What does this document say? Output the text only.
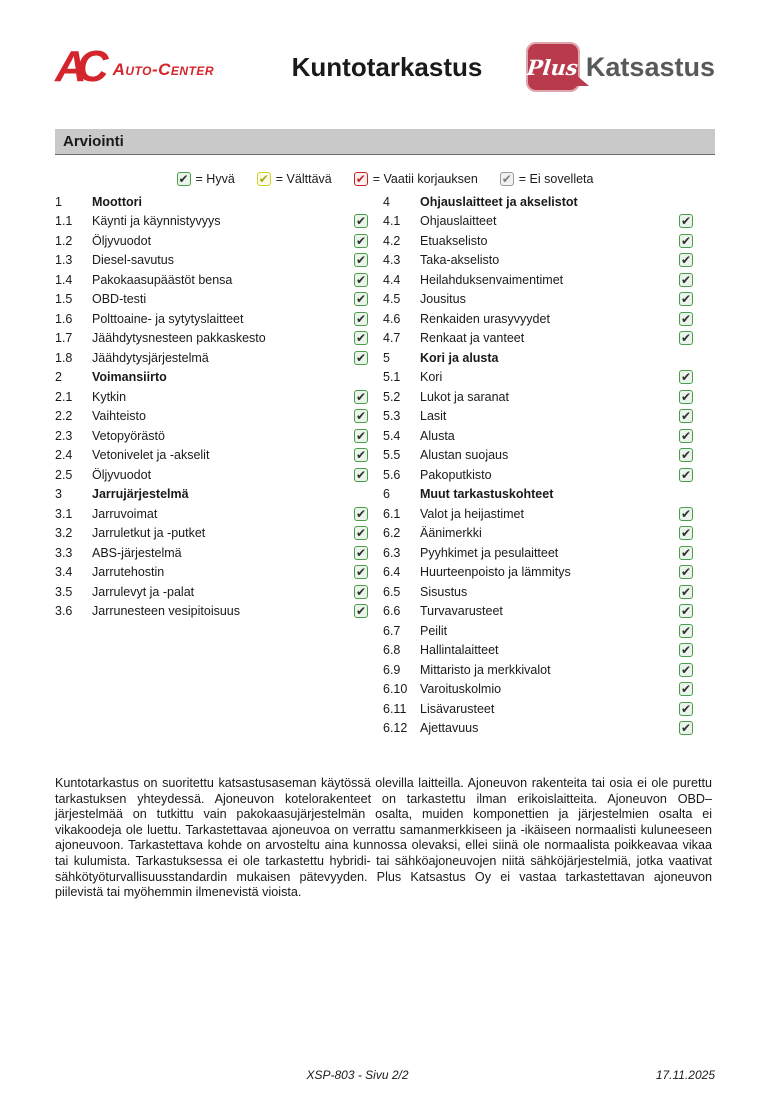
AC Auto-Center	Kuntotarkastus Plus Katsastus
Arviointi
✔ = Hyvä ✔ = Välttävä ✔ = Vaatii korjauksen ✔ = Ei sovelleta
1	Moottori
1.1	Käynti ja käynnistyvyys	✔
1.2	Öljyvuodot	✔
1.3	Diesel-savutus	✔
1.4	Pakokaasupäästöt bensa	✔
1.5	OBD-testi	✔
1.6	Polttoaine- ja sytytyslaitteet	✔
1.7	Jäähdytysnesteen pakkaskesto	✔
1.8	Jäähdytysjärjestelmä	✔
2	Voimansiirto
2.1	Kytkin	✔
2.2	Vaihteisto	✔
2.3	Vetopyörästö	✔
2.4	Vetonivelet ja -akselit	✔
2.5	Öljyvuodot	✔
3	Jarrujärjestelmä
3.1	Jarruvoimat	✔
3.2	Jarruletkut ja -putket	✔
3.3	ABS-järjestelmä	✔
3.4	Jarrutehostin	✔
3.5	Jarrulevyt ja -palat	✔
3.6	Jarrunesteen vesipitoisuus	✔
4	Ohjauslaitteet ja akselistot
4.1	Ohjauslaitteet	✔
4.2	Etuakselisto	✔
4.3	Taka-akselisto	✔
4.4	Heilahduksenvaimentimet	✔
4.5	Jousitus	✔
4.6	Renkaiden urasyvyydet	✔
4.7	Renkaat ja vanteet	✔
5	Kori ja alusta
5.1	Kori	✔
5.2	Lukot ja saranat	✔
5.3	Lasit	✔
5.4	Alusta	✔
5.5	Alustan suojaus	✔
5.6	Pakoputkisto	✔
6	Muut tarkastuskohteet
6.1	Valot ja heijastimet	✔
6.2	Äänimerkki	✔
6.3	Pyyhkimet ja pesulaitteet	✔
6.4	Huurteenpoisto ja lämmitys	✔
6.5	Sisustus	✔
6.6	Turvavarusteet	✔
6.7	Peilit	✔
6.8	Hallintalaitteet	✔
6.9	Mittaristo ja merkkivalot	✔
6.10	Varoituskolmio	✔
6.11	Lisävarusteet	✔
6.12	Ajettavuus	✔
Kuntotarkastus on suoritettu katsastusaseman käytössä olevilla laitteilla. Ajoneuvon rakenteita tai osia ei ole purettu tarkastuksen yhteydessä. Ajoneuvon kotelorakenteet on tarkastettu ilman erikoislaitteita. Ajoneuvon OBD–järjestelmää on tutkittu vain pakokaasujärjestelmän osalta, muiden komponettien ja järjestelmien osalta ei vikakoodeja ole luettu. Tarkastettavaa ajoneuvoa on verrattu samanmerkkiseen ja -ikäiseen normaalisti kuluneeseen ajoneuvoon. Tarkastettava kohde on arvosteltu aina kunnossa olevaksi, ellei siinä ole normaalista poikkeavaa vikaa tai kulumista. Tarkastuksessa ei ole tarkastettu hybridi- tai sähköajoneuvojen niitä sähköjärjestelmiä, jotka vaativat sähkötyöturvallisuusstandardin mukaisen pätevyyden. Plus Katsastus Oy ei vastaa tarkastettavan ajoneuvon piilevistä tai myöhemmin ilmenevistä vioista.
XSP-803 - Sivu 2/2	17.11.2025
